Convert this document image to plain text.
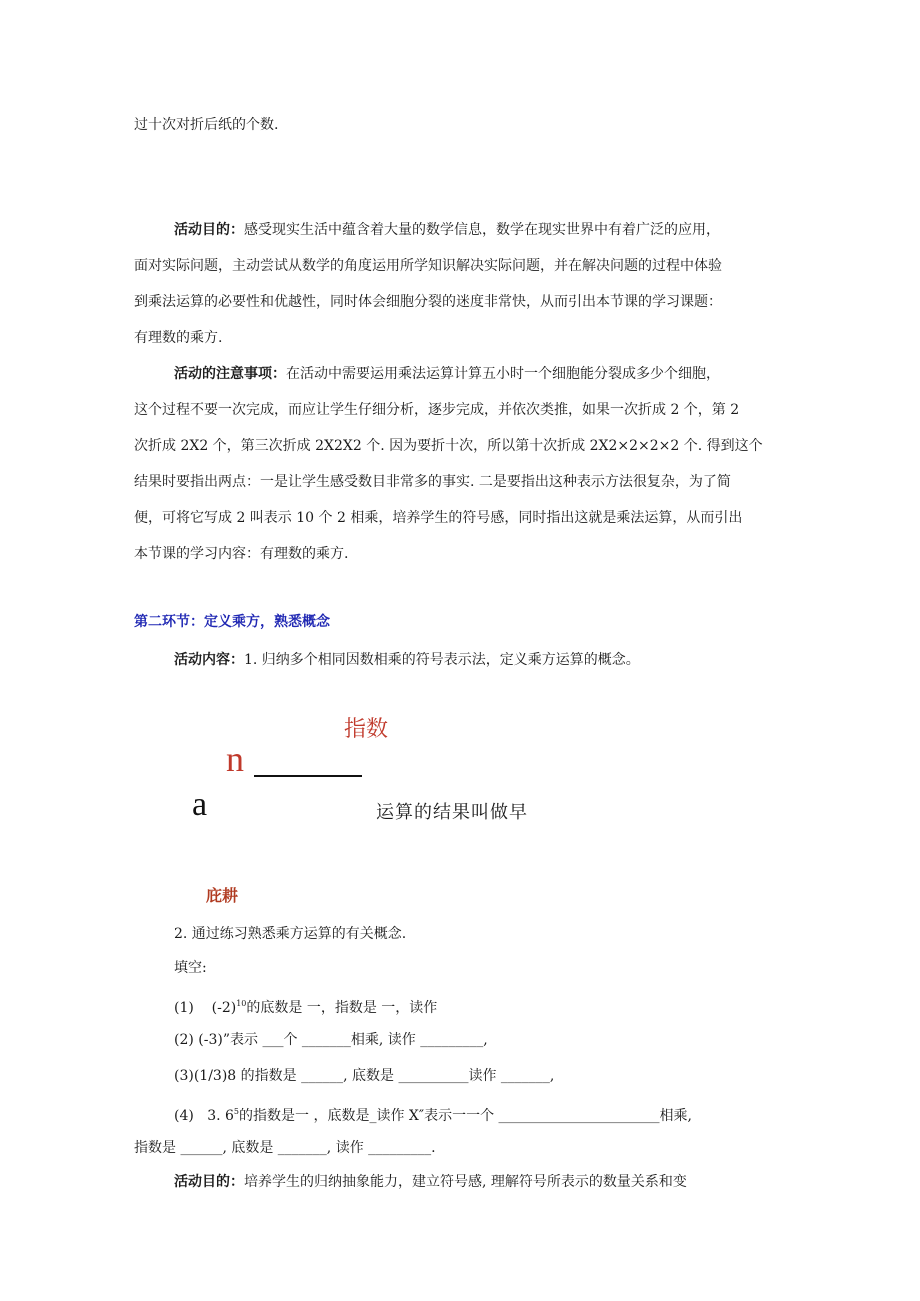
过十次对折后纸的个数.
活动目的：感受现实生活中蕴含着大量的数学信息，数学在现实世界中有着广泛的应用，
面对实际问题，主动尝试从数学的角度运用所学知识解决实际问题，并在解决问题的过程中体验
到乘法运算的必要性和优越性，同时体会细胞分裂的迷度非常快，从而引出本节课的学习课题：
有理数的乘方.
活动的注意事项：在活动中需要运用乘法运算计算五小时一个细胞能分裂成多少个细胞，
这个过程不要一次完成，而应让学生仔细分析，逐步完成，并依次类推，如果一次折成 2 个，第 2
次折成 2X2 个，第三次折成 2X2X2 个. 因为要折十次，所以第十次折成 2X2×2×2×2 个. 得到这个
结果时要指出两点：一是让学生感受数目非常多的事实. 二是要指出这种表示方法很复杂，为了简
便，可将它写成 2 叫表示 10 个 2 相乘，培养学生的符号感，同时指出这就是乘法运算，从而引出
本节课的学习内容：有理数的乘方.
第二环节：定义乘方，熟悉概念
活动内容：1. 归纳多个相同因数相乘的符号表示法，定义乘方运算的概念。
指数
n
a	运算的结果叫做早
庇耕
2. 通过练习熟悉乘方运算的有关概念.
填空:
(1) $(-2)^{10}$的底数是 一，指数是 一，读作
(2) (-3)”表示 ___个 _______相乘, 读作 _________,
(3)(1/3)8 的指数是 ______, 底数是 __________读作 _______,
(4) 3. $6^5$的指数是一 ，底数是_读作 X″表示一一个 _______________________相乘,
指数是 ______, 底数是 _______, 读作 _________.
活动目的：培养学生的归纳抽象能力，建立符号感, 理解符号所表示的数量关系和变
